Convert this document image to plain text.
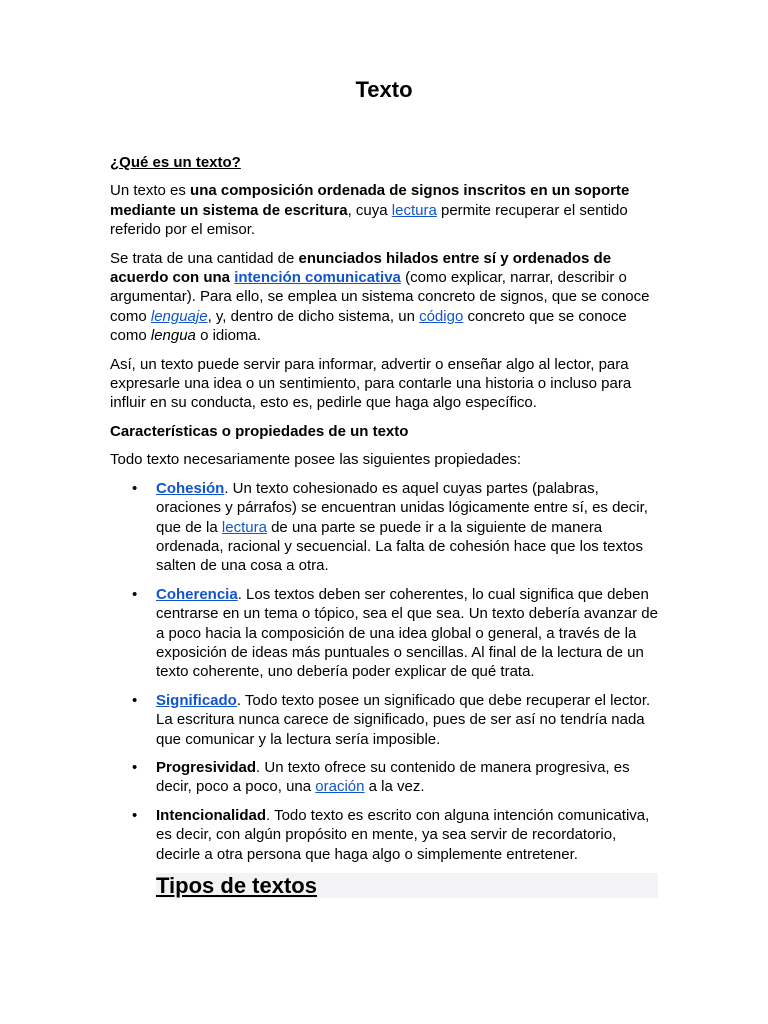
Texto

¿Qué es un texto?

Un texto es una composición ordenada de signos inscritos en un soporte mediante un sistema de escritura, cuya lectura permite recuperar el sentido referido por el emisor.

Se trata de una cantidad de enunciados hilados entre sí y ordenados de acuerdo con una intención comunicativa (como explicar, narrar, describir o argumentar). Para ello, se emplea un sistema concreto de signos, que se conoce como lenguaje, y, dentro de dicho sistema, un código concreto que se conoce como lengua o idioma.

Así, un texto puede servir para informar, advertir o enseñar algo al lector, para expresarle una idea o un sentimiento, para contarle una historia o incluso para influir en su conducta, esto es, pedirle que haga algo específico.

Características o propiedades de un texto

Todo texto necesariamente posee las siguientes propiedades:

• Cohesión. Un texto cohesionado es aquel cuyas partes (palabras, oraciones y párrafos) se encuentran unidas lógicamente entre sí, es decir, que de la lectura de una parte se puede ir a la siguiente de manera ordenada, racional y secuencial. La falta de cohesión hace que los textos salten de una cosa a otra.
• Coherencia. Los textos deben ser coherentes, lo cual significa que deben centrarse en un tema o tópico, sea el que sea. Un texto debería avanzar de a poco hacia la composición de una idea global o general, a través de la exposición de ideas más puntuales o sencillas. Al final de la lectura de un texto coherente, uno debería poder explicar de qué trata.
• Significado. Todo texto posee un significado que debe recuperar el lector. La escritura nunca carece de significado, pues de ser así no tendría nada que comunicar y la lectura sería imposible.
• Progresividad. Un texto ofrece su contenido de manera progresiva, es decir, poco a poco, una oración a la vez.
• Intencionalidad. Todo texto es escrito con alguna intención comunicativa, es decir, con algún propósito en mente, ya sea servir de recordatorio, decirle a otra persona que haga algo o simplemente entretener.
Tipos de textos
